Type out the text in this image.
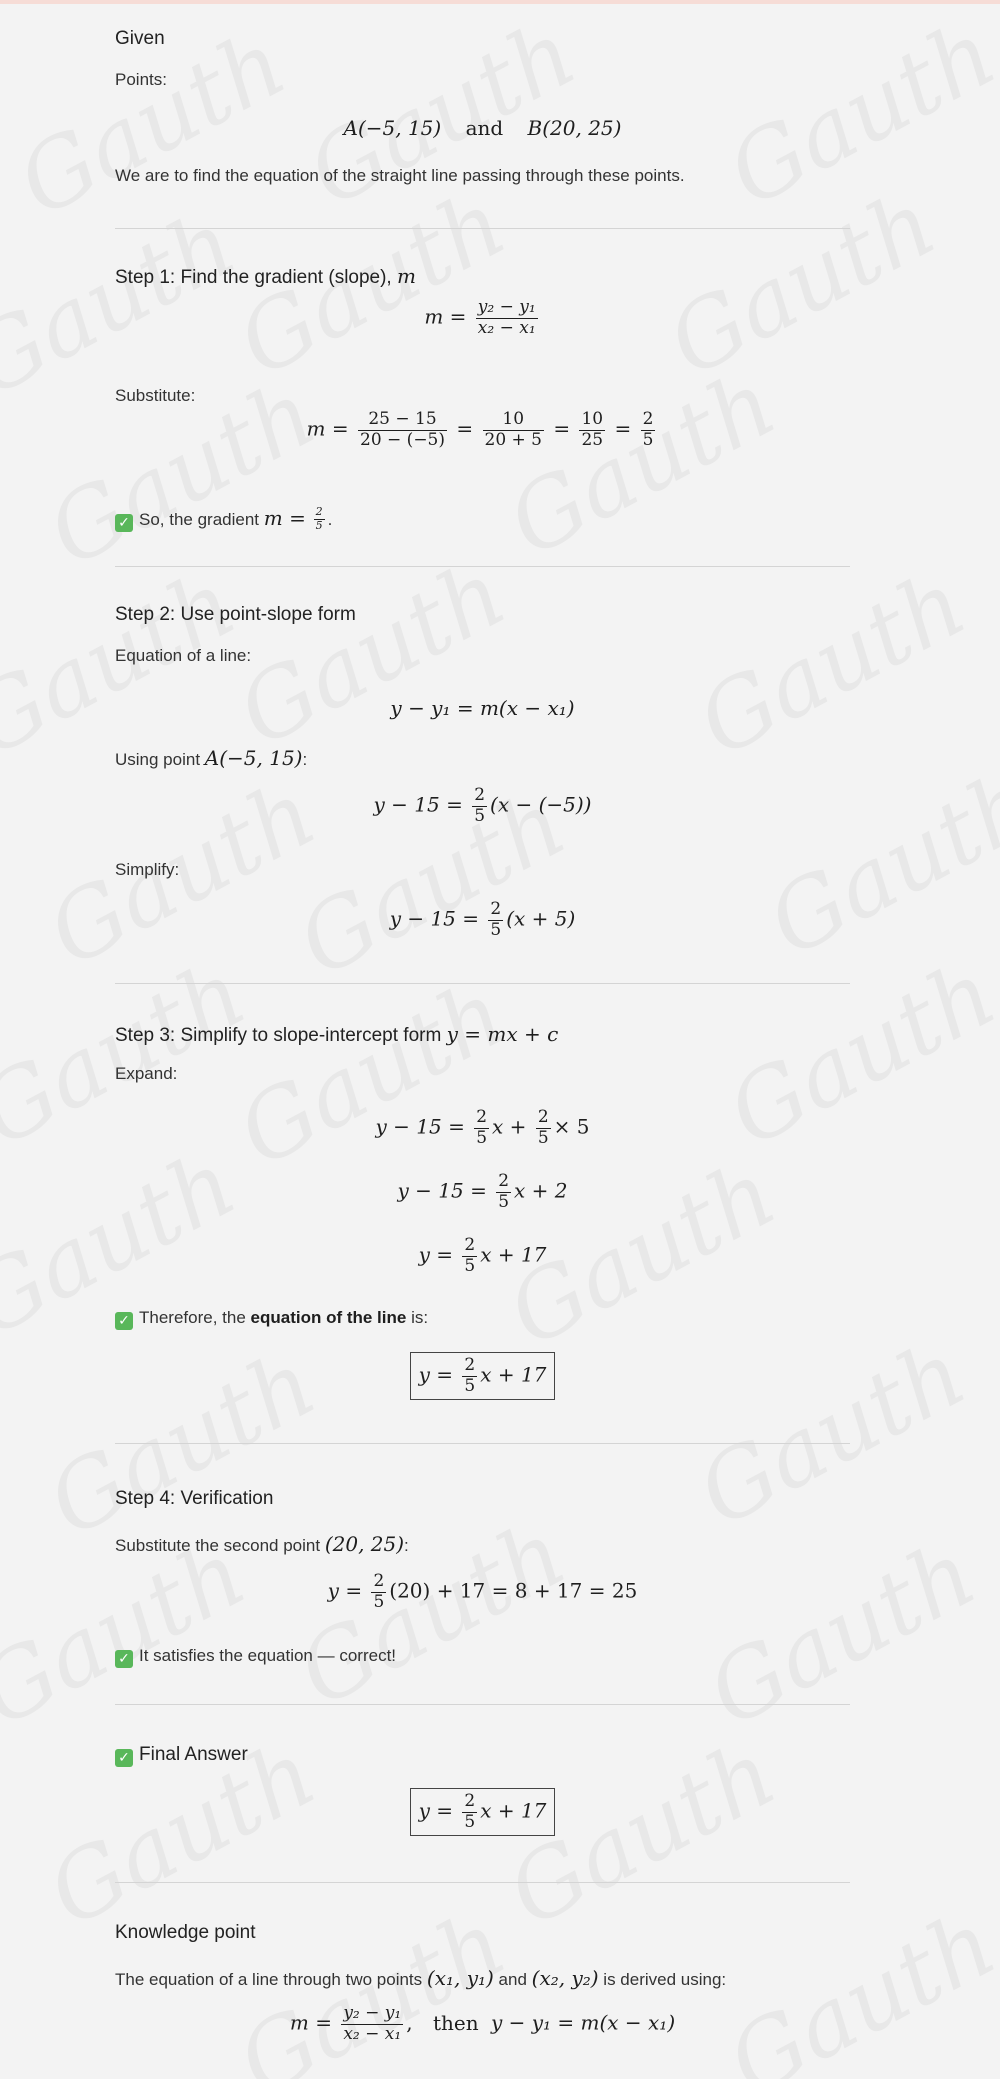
Given
Points:
A(−5, 15) and B(20, 25)
We are to find the equation of the straight line passing through these points.
Step 1: Find the gradient (slope), m
$m = \frac{\text{y₂ − y₁}}{\text{x₂ − x₁}}$
Substitute:
$m = \frac{25 - 15}{20 - (-5)} = \frac{10}{20 + 5} = \frac{10}{25} = \frac{2}{5}$
✓ So, the gradient $m = \frac{2}{5}$ .
Step 2: Use point-slope form
Equation of a line:
y − y₁ = m(x − x₁)
Using point A(−5, 15):
$y - 15 = \frac{2}{5} (x - (-5))$
Simplify:
$y - 15 = \frac{2}{5} (x + 5)$
Step 3: Simplify to slope-intercept form y = mx + c
Expand:
$y - 15 = \frac{2}{5}$ $x + \frac{2}{5} \times 5$
$y - 15 = \frac{2}{5}$ x + 2
$y = \frac{2}{5}$ x + 17
✓ Therefore, the equation of the line is:
$y = \frac{2}{5}$ x + 17
Step 4: Verification
Substitute the second point (20, 25):
$y = \frac{2}{5} (20) + 17 = 8 + 17 = 25$
✓ It satisfies the equation — correct!
✓ Final Answer
$y = \frac{2}{5}$ x + 17
Knowledge point
The equation of a line through two points (x₁, y₁) and (x₂, y₂) is derived using:
$m = \frac{\text{y₂ − y₁}}{\text{x₂ − x₁}}$ , then y − y₁ = m(x − x₁)
